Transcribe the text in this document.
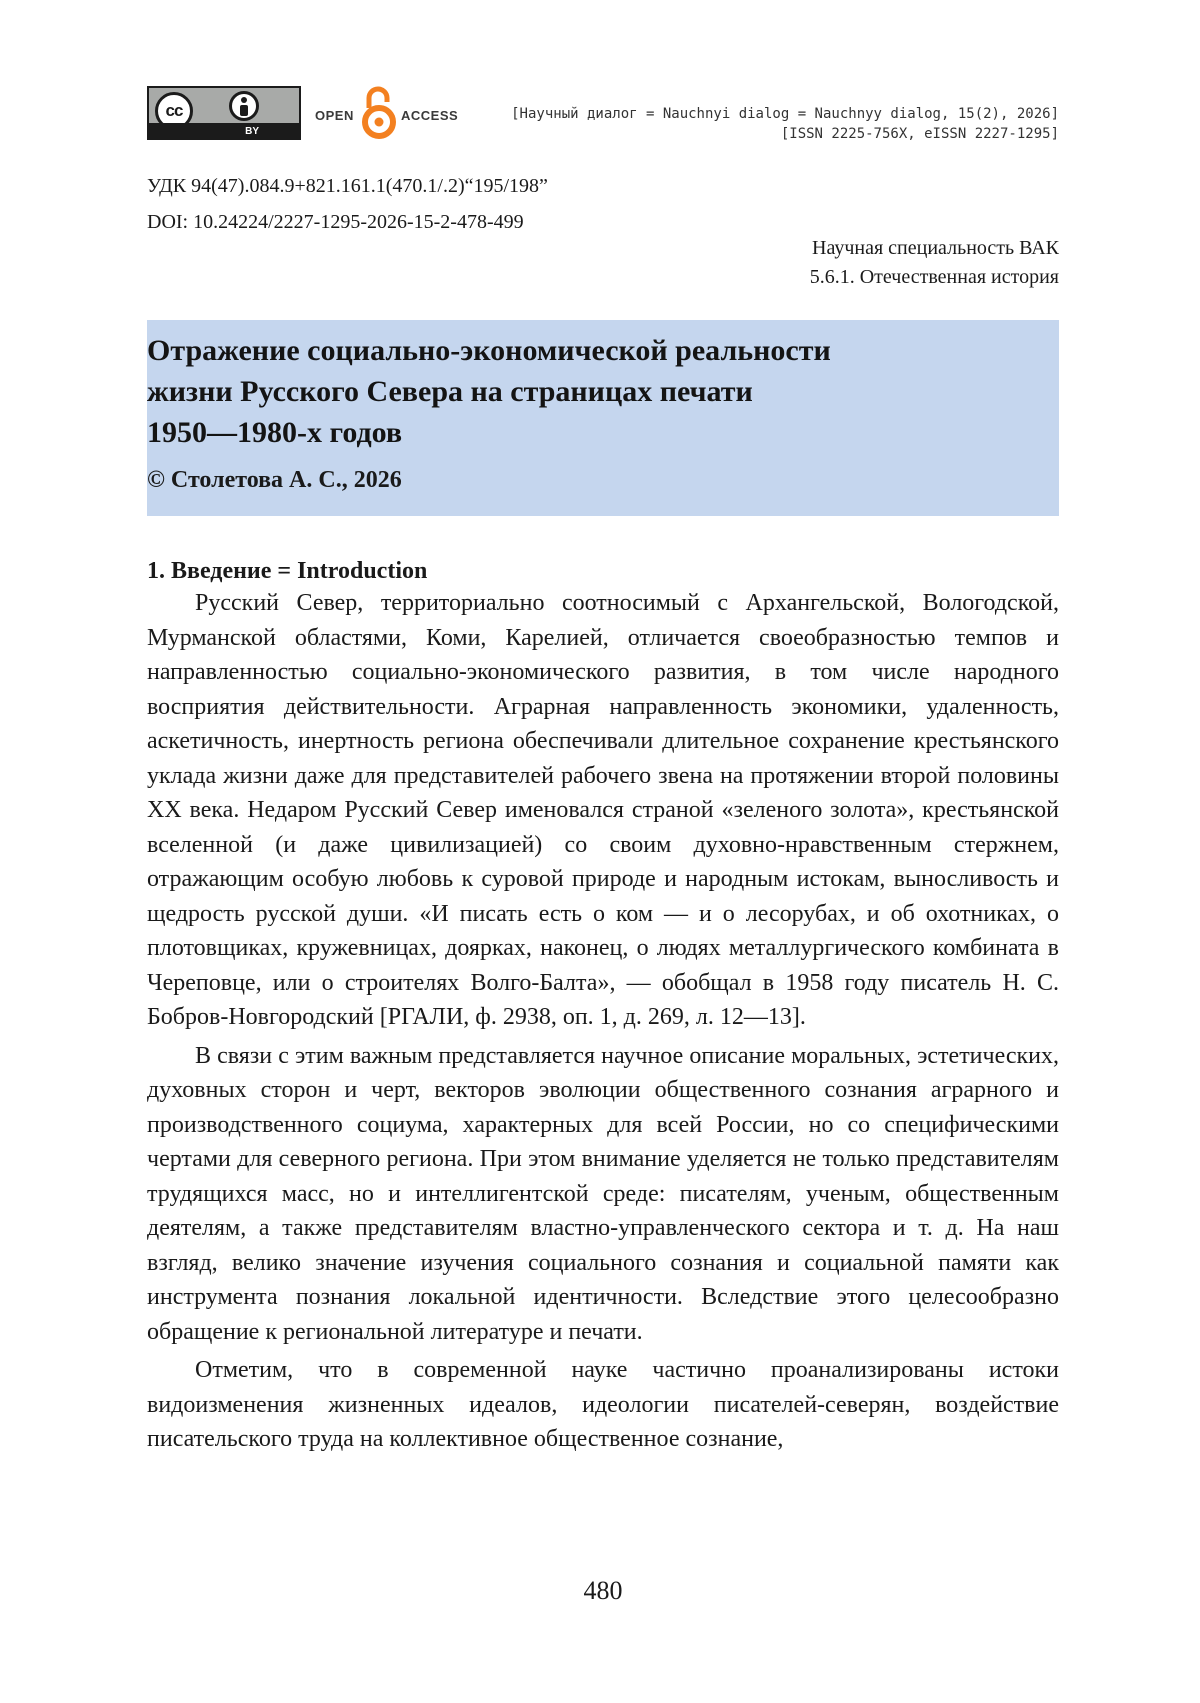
cc
BY
OPEN	ACCESS	[Научный диалог = Nauchnyi dialog = Nauchnyy dialog, 15(2), 2026]
[ISSN 2225-756X, eISSN 2227-1295]
УДК 94(47).084.9+821.161.1(470.1/.2)“195/198”
DOI: 10.24224/2227-1295-2026-15-2-478-499
Научная специальность ВАК
5.6.1. Отечественная история
Отражение социально-экономической реальности
жизни Русского Севера на страницах печати
1950—1980-х годов
© Столетова А. С., 2026
1. Введение = Introduction

Русский Север, территориально соотносимый с Архангельской, Вологодской, Мурманской областями, Коми, Карелией, отличается своеобразностью темпов и направленностью социально-экономического развития, в том числе народного восприятия действительности. Аграрная направленность экономики, удаленность, аскетичность, инертность региона обеспечивали длительное сохранение крестьянского уклада жизни даже для представителей рабочего звена на протяжении второй половины XX века. Недаром Русский Север именовался страной «зеленого золота», крестьянской вселенной (и даже цивилизацией) со своим духовно-нравственным стержнем, отражающим особую любовь к суровой природе и народным истокам, выносливость и щедрость русской души. «И писать есть о ком — и о лесорубах, и об охотниках, о плотовщиках, кружевницах, доярках, наконец, о людях металлургического комбината в Череповце, или о строителях Волго-Балта», — обобщал в 1958 году писатель Н. С. Бобров-Новгородский [РГАЛИ, ф. 2938, оп. 1, д. 269, л. 12—13].

В связи с этим важным представляется научное описание моральных, эстетических, духовных сторон и черт, векторов эволюции общественного сознания аграрного и производственного социума, характерных для всей России, но со специфическими чертами для северного региона. При этом внимание уделяется не только представителям трудящихся масс, но и интеллигентской среде: писателям, ученым, общественным деятелям, а также представителям властно-управленческого сектора и т. д. На наш взгляд, велико значение изучения социального сознания и социальной памяти как инструмента познания локальной идентичности. Вследствие этого целесообразно обращение к региональной литературе и печати.

Отметим, что в современной науке частично проанализированы истоки видоизменения жизненных идеалов, идеологии писателей-северян, воздействие писательского труда на коллективное общественное сознание,

480
